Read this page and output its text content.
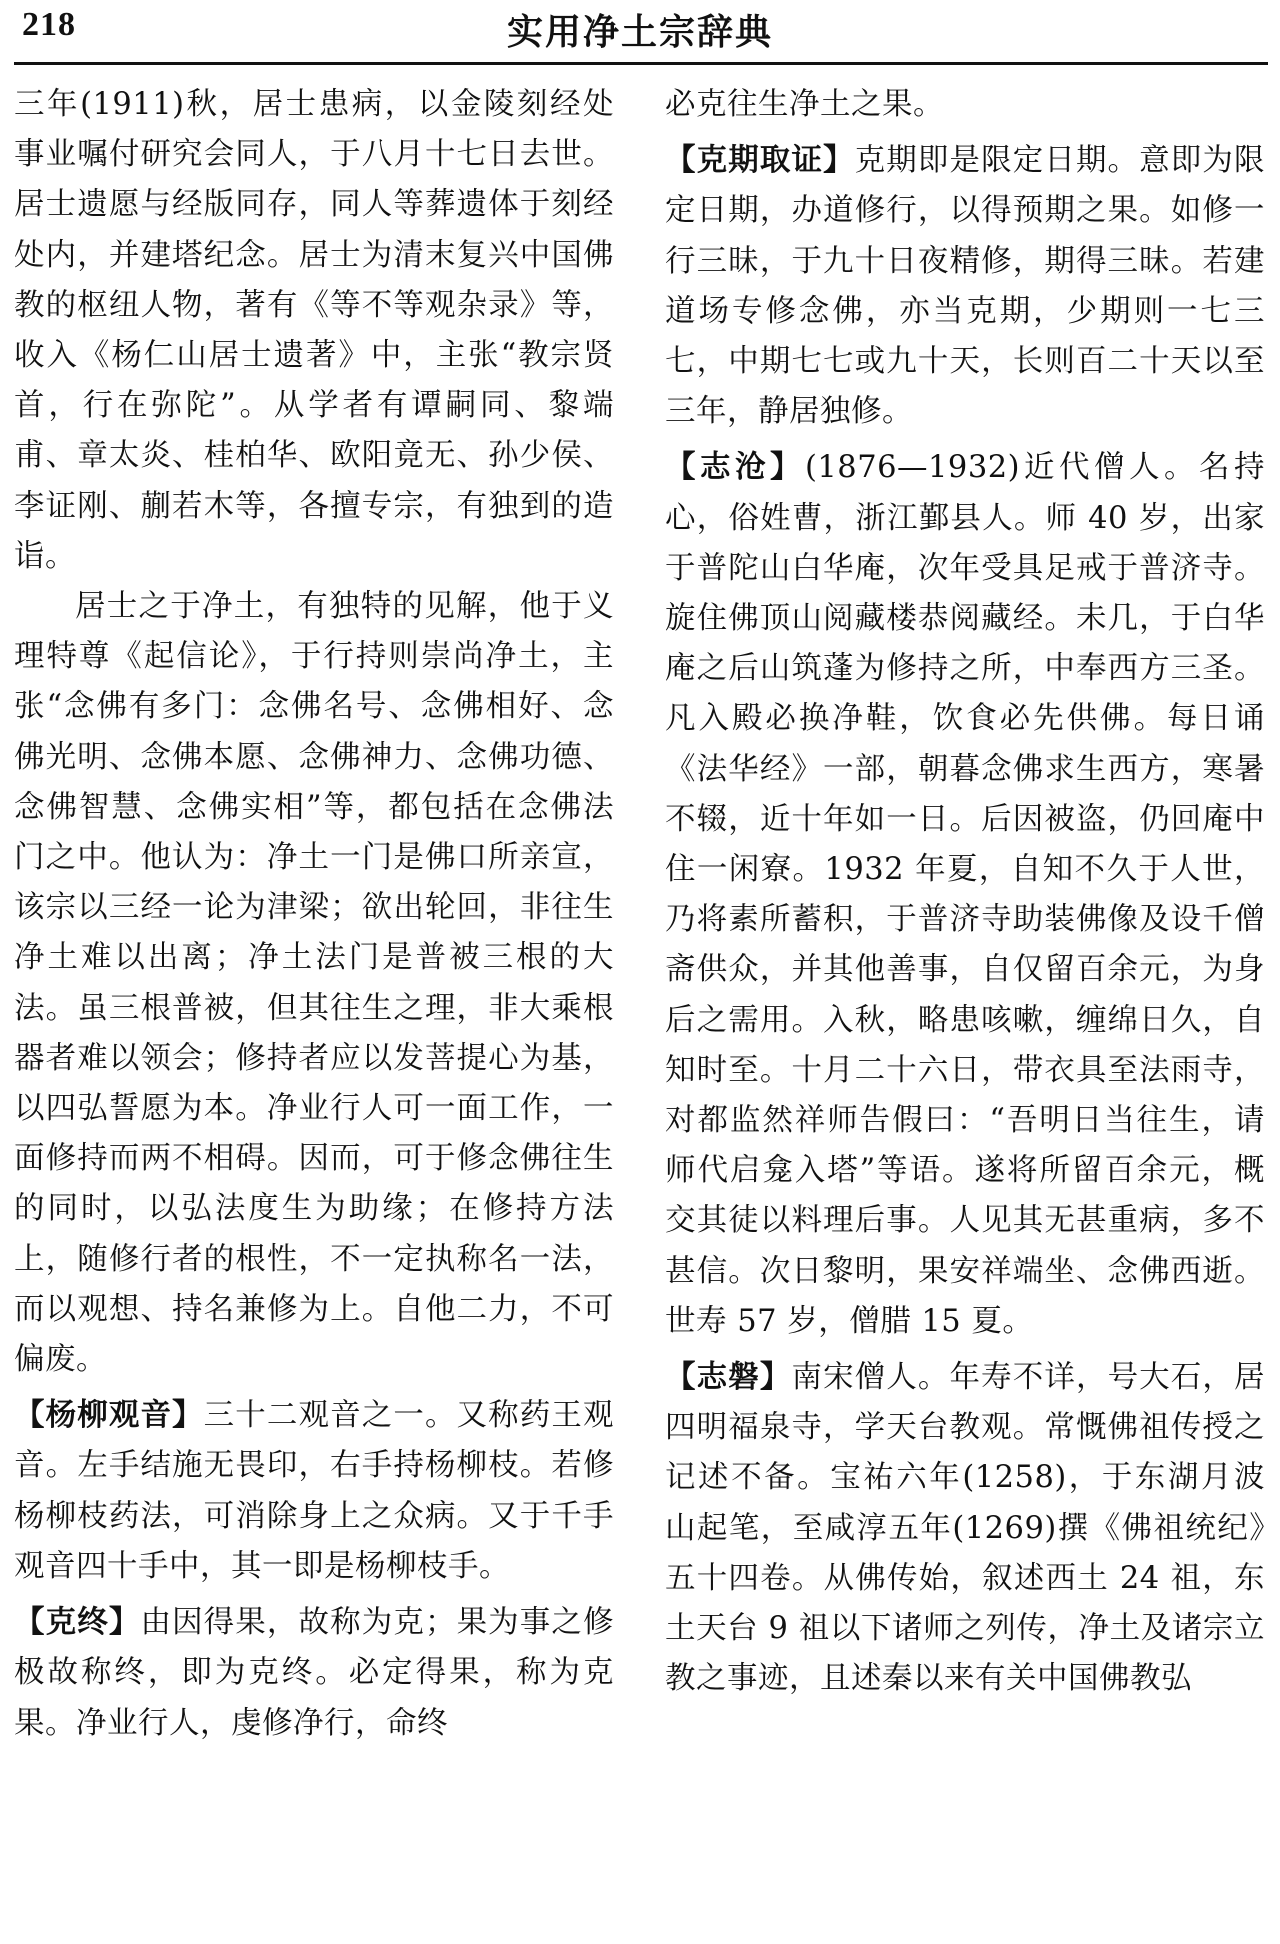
218	实用净土宗辞典

三年(1911)秋，居士患病，以金陵刻经处事业嘱付研究会同人，于八月十七日去世。居士遗愿与经版同存，同人等葬遗体于刻经处内，并建塔纪念。居士为清末复兴中国佛教的枢纽人物，著有《等不等观杂录》等，收入《杨仁山居士遗著》中，主张“教宗贤首，行在弥陀”。从学者有谭嗣同、黎端甫、章太炎、桂柏华、欧阳竟无、孙少侯、李证刚、蒯若木等，各擅专宗，有独到的造诣。

居士之于净土，有独特的见解，他于义理特尊《起信论》，于行持则崇尚净土，主张“念佛有多门：念佛名号、念佛相好、念佛光明、念佛本愿、念佛神力、念佛功德、念佛智慧、念佛实相”等，都包括在念佛法门之中。他认为：净土一门是佛口所亲宣，该宗以三经一论为津梁；欲出轮回，非往生净土难以出离；净土法门是普被三根的大法。虽三根普被，但其往生之理，非大乘根器者难以领会；修持者应以发菩提心为基，以四弘誓愿为本。净业行人可一面工作，一面修持而两不相碍。因而，可于修念佛往生的同时，以弘法度生为助缘；在修持方法上，随修行者的根性，不一定执称名一法，而以观想、持名兼修为上。自他二力，不可偏废。

【杨柳观音】三十二观音之一。又称药王观音。左手结施无畏印，右手持杨柳枝。若修杨柳枝药法，可消除身上之众病。又于千手观音四十手中，其一即是杨柳枝手。

【克终】由因得果，故称为克；果为事之修极故称终，即为克终。必定得果，称为克果。净业行人，虔修净行，命终

必克往生净土之果。

【克期取证】克期即是限定日期。意即为限定日期，办道修行，以得预期之果。如修一行三昧，于九十日夜精修，期得三昧。若建道场专修念佛，亦当克期，少期则一七三七，中期七七或九十天，长则百二十天以至三年，静居独修。

【志沧】(1876—1932)近代僧人。名持心，俗姓曹，浙江鄞县人。师 40 岁，出家于普陀山白华庵，次年受具足戒于普济寺。旋住佛顶山阅藏楼恭阅藏经。未几，于白华庵之后山筑蓬为修持之所，中奉西方三圣。凡入殿必换净鞋，饮食必先供佛。每日诵《法华经》一部，朝暮念佛求生西方，寒暑不辍，近十年如一日。后因被盗，仍回庵中住一闲寮。1932 年夏，自知不久于人世，乃将素所蓄积，于普济寺助装佛像及设千僧斋供众，并其他善事，自仅留百余元，为身后之需用。入秋，略患咳嗽，缠绵日久，自知时至。十月二十六日，带衣具至法雨寺，对都监然祥师告假曰：“吾明日当往生，请师代启龛入塔”等语。遂将所留百余元，概交其徒以料理后事。人见其无甚重病，多不甚信。次日黎明，果安祥端坐、念佛西逝。世寿 57 岁，僧腊 15 夏。

【志磐】南宋僧人。年寿不详，号大石，居四明福泉寺，学天台教观。常慨佛祖传授之记述不备。宝祐六年(1258)，于东湖月波山起笔，至咸淳五年(1269)撰《佛祖统纪》五十四卷。从佛传始，叙述西土 24 祖，东土天台 9 祖以下诸师之列传，净土及诸宗立教之事迹，且述秦以来有关中国佛教弘
